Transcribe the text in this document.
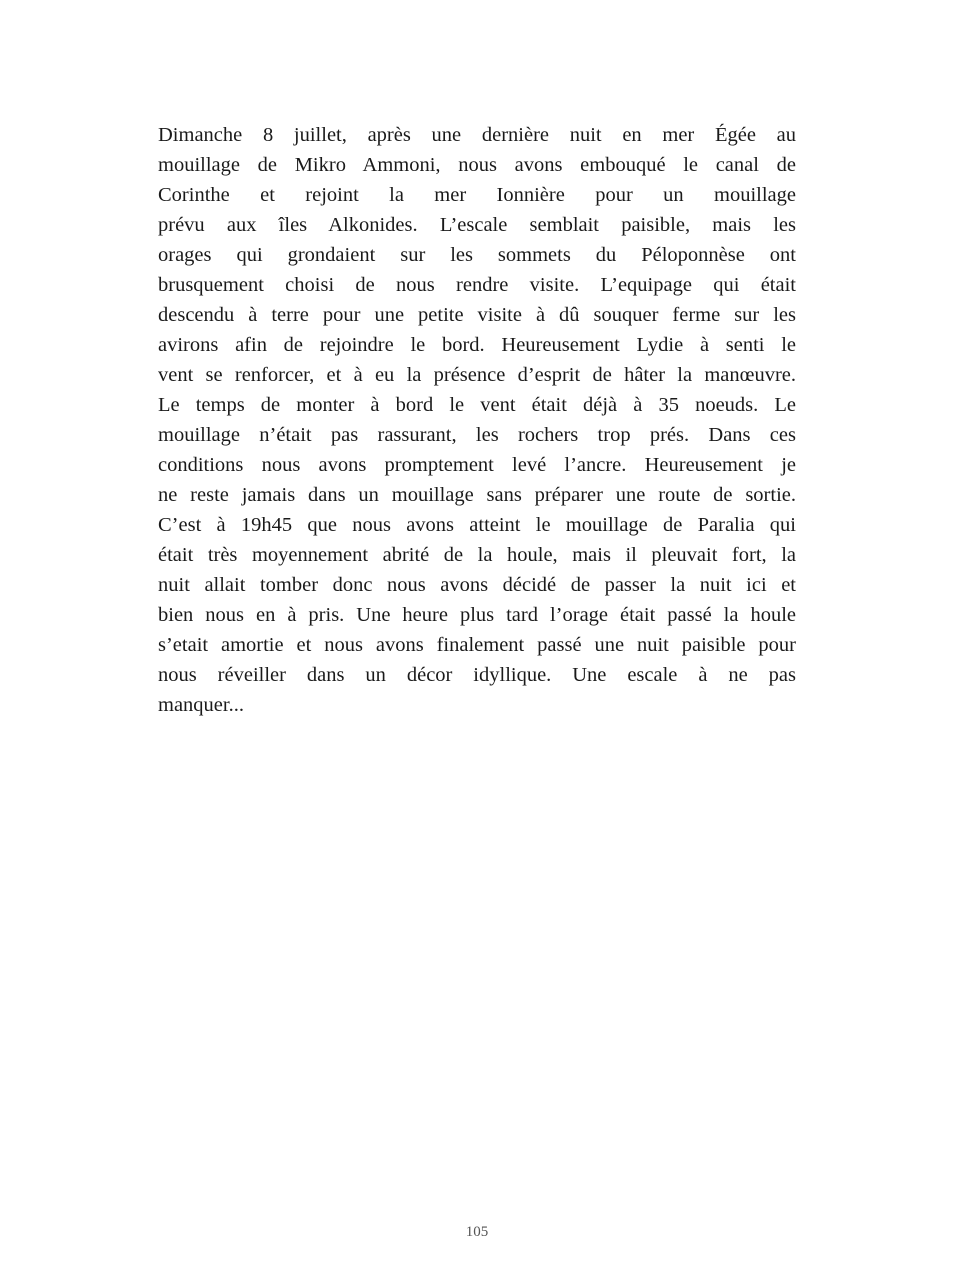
Dimanche 8 juillet, après une dernière nuit en mer Égée au
mouillage de Mikro Ammoni, nous avons embouqué le canal de
Corinthe et rejoint la mer Ionnière pour un mouillage
prévu aux îles Alkonides. L’escale semblait paisible, mais les
orages qui grondaient sur les sommets du Péloponnèse ont
brusquement choisi de nous rendre visite. L’equipage qui était
descendu à terre pour une petite visite à dû souquer ferme sur les
avirons afin de rejoindre le bord. Heureusement Lydie à senti le
vent se renforcer, et à eu la présence d’esprit de hâter la manœuvre.
Le temps de monter à bord le vent était déjà à 35 noeuds. Le
mouillage n’était pas rassurant, les rochers trop prés. Dans ces
conditions nous avons promptement levé l’ancre. Heureusement je
ne reste jamais dans un mouillage sans préparer une route de sortie.
C’est à 19h45 que nous avons atteint le mouillage de Paralia qui
était très moyennement abrité de la houle, mais il pleuvait fort, la
nuit allait tomber donc nous avons décidé de passer la nuit ici et
bien nous en à pris. Une heure plus tard l’orage était passé la houle
s’etait amortie et nous avons finalement passé une nuit paisible pour
nous réveiller dans un décor idyllique. Une escale à ne pas
manquer...
105
